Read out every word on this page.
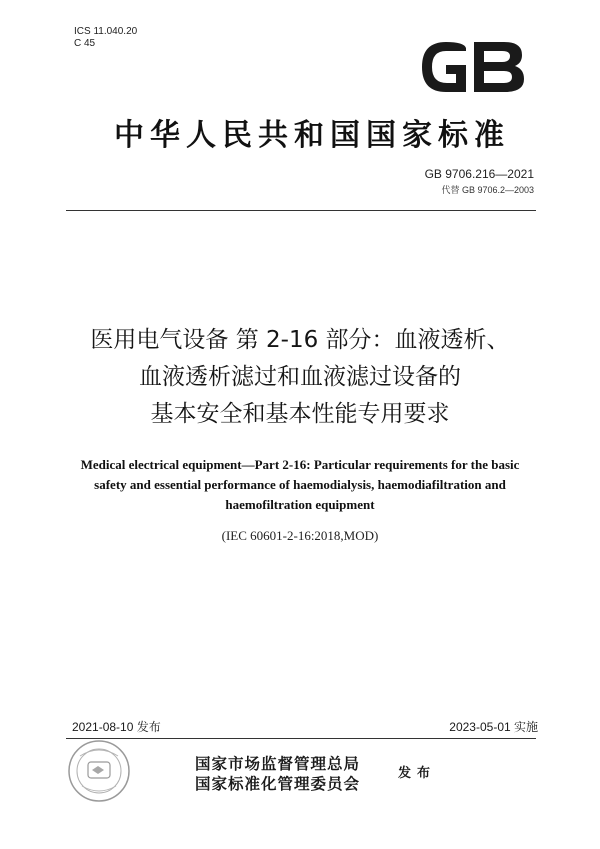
ICS 11.040.20
C 45
中华人民共和国国家标准
GB 9706.216—2021
代替 GB 9706.2—2003
医用电气设备 第 2-16 部分：血液透析、
血液透析滤过和血液滤过设备的
基本安全和基本性能专用要求
Medical electrical equipment—Part 2-16: Particular requirements for the basic
safety and essential performance of haemodialysis, haemodiafiltration and
haemofiltration equipment
(IEC 60601-2-16:2018,MOD)
2021-08-10 发布	2023-05-01 实施
国家市场监督管理总局
国家标准化管理委员会
发布
